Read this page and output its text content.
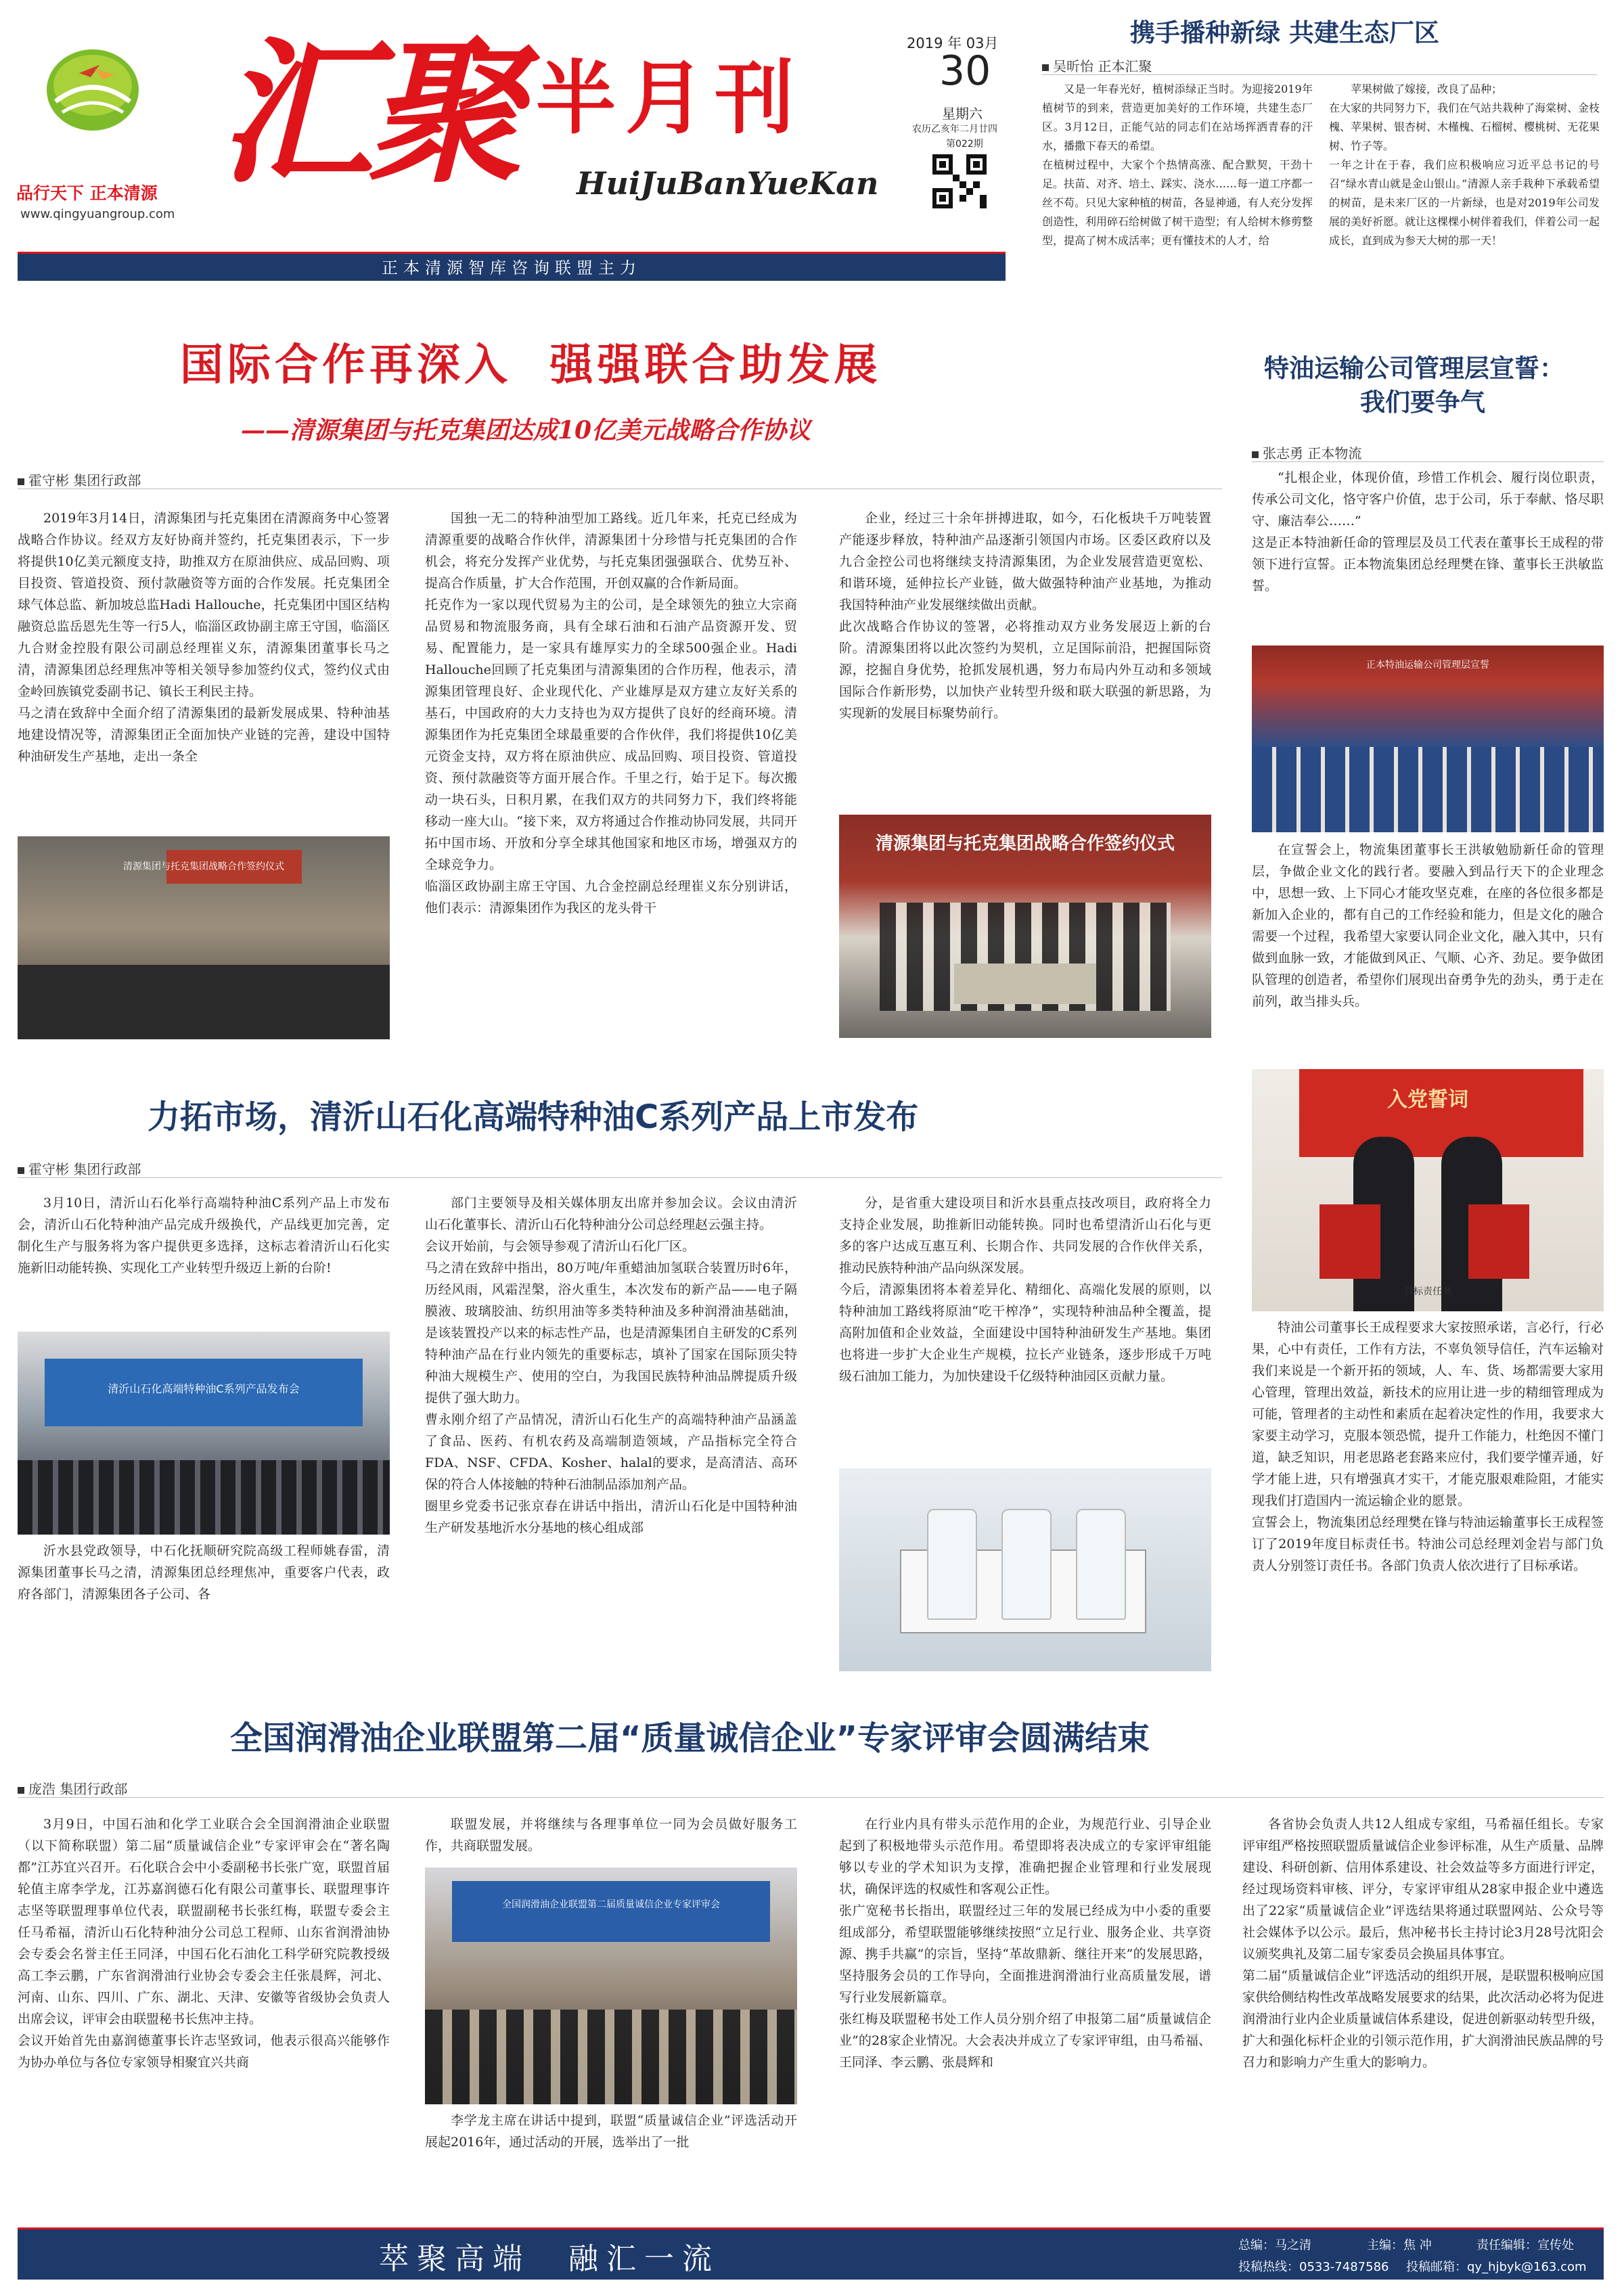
品行天下 正本清源
www.qingyuangroup.com
汇聚 半月刊
HuiJuBanYueKan
2019 年 03月
30
星期六
农历乙亥年二月廿四
第022期
正本清源智库咨询联盟主力
携手播种新绿 共建生态厂区
吴昕怡 正本汇聚
又是一年春光好，植树添绿正当时。为迎接2019年植树节的到来，营造更加美好的工作环境，共建生态厂区。3月12日，正能气站的同志们在站场挥洒青春的汗水，播撒下春天的希望。
在植树过程中，大家个个热情高涨、配合默契，干劲十足。扶苗、对齐、培土、踩实、浇水……每一道工序都一丝不苟。只见大家种植的树苗，各显神通，有人充分发挥创造性，利用碎石给树做了树干造型；有人给树木修剪整型，提高了树木成活率；更有懂技术的人才，给
苹果树做了嫁接，改良了品种；
在大家的共同努力下，我们在气站共栽种了海棠树、金枝槐、苹果树、银杏树、木槿槐、石榴树、樱桃树、无花果树、竹子等。
一年之计在于春，我们应积极响应习近平总书记的号召“绿水青山就是金山银山。”清源人亲手栽种下承载希望的树苗，是未来厂区的一片新绿，也是对2019年公司发展的美好祈愿。就让这棵棵小树伴着我们，伴着公司一起成长，直到成为参天大树的那一天！
国际合作再深入  强强联合助发展
——清源集团与托克集团达成10亿美元战略合作协议
霍守彬 集团行政部
2019年3月14日，清源集团与托克集团在清源商务中心签署战略合作协议。经双方友好协商并签约，托克集团表示，下一步将提供10亿美元额度支持，助推双方在原油供应、成品回购、项目投资、管道投资、预付款融资等方面的合作发展。托克集团全球气体总监、新加坡总监Hadi Hallouche，托克集团中国区结构融资总监岳恩先生等一行5人，临淄区政协副主席王守国，临淄区九合财金控股有限公司副总经理崔义东，清源集团董事长马之清，清源集团总经理焦冲等相关领导参加签约仪式，签约仪式由金岭回族镇党委副书记、镇长王利民主持。
马之清在致辞中全面介绍了清源集团的最新发展成果、特种油基地建设情况等，清源集团正全面加快产业链的完善，建设中国特种油研发生产基地，走出一条全
清源集团与托克集团战略合作签约仪式
国独一无二的特种油型加工路线。近几年来，托克已经成为清源重要的战略合作伙伴，清源集团十分珍惜与托克集团的合作机会，将充分发挥产业优势，与托克集团强强联合、优势互补、提高合作质量，扩大合作范围，开创双赢的合作新局面。
托克作为一家以现代贸易为主的公司，是全球领先的独立大宗商品贸易和物流服务商，具有全球石油和石油产品资源开发、贸易、配置能力，是一家具有雄厚实力的全球500强企业。Hadi Hallouche回顾了托克集团与清源集团的合作历程，他表示，清源集团管理良好、企业现代化、产业雄厚是双方建立友好关系的基石，中国政府的大力支持也为双方提供了良好的经商环境。清源集团作为托克集团全球最重要的合作伙伴，我们将提供10亿美元资金支持，双方将在原油供应、成品回购、项目投资、管道投资、预付款融资等方面开展合作。千里之行，始于足下。每次搬动一块石头，日积月累，在我们双方的共同努力下，我们终将能移动一座大山。“接下来，双方将通过合作推动协同发展，共同开拓中国市场、开放和分享全球其他国家和地区市场，增强双方的全球竞争力。
临淄区政协副主席王守国、九合金控副总经理崔义东分别讲话，他们表示：清源集团作为我区的龙头骨干
企业，经过三十余年拼搏进取，如今，石化板块千万吨装置产能逐步释放，特种油产品逐渐引领国内市场。区委区政府以及九合金控公司也将继续支持清源集团，为企业发展营造更宽松、和谐环境，延伸拉长产业链，做大做强特种油产业基地，为推动我国特种油产业发展继续做出贡献。
此次战略合作协议的签署，必将推动双方业务发展迈上新的台阶。清源集团将以此次签约为契机，立足国际前沿，把握国际资源，挖掘自身优势，抢抓发展机遇，努力布局内外互动和多领域国际合作新形势，以加快产业转型升级和联大联强的新思路，为实现新的发展目标聚势前行。
清源集团与托克集团战略合作签约仪式
特油运输公司管理层宣誓：
我们要争气
张志勇 正本物流
“扎根企业，体现价值，珍惜工作机会、履行岗位职责，传承公司文化，恪守客户价值，忠于公司，乐于奉献、恪尽职守、廉洁奉公……”
这是正本特油新任命的管理层及员工代表在董事长王成程的带领下进行宣誓。正本物流集团总经理樊在锋、董事长王洪敏监誓。
正本特油运输公司管理层宣誓
在宣誓会上，物流集团董事长王洪敏勉励新任命的管理层，争做企业文化的践行者。要融入到品行天下的企业理念中，思想一致、上下同心才能攻坚克难，在座的各位很多都是新加入企业的，都有自己的工作经验和能力，但是文化的融合需要一个过程，我希望大家要认同企业文化，融入其中，只有做到血脉一致，才能做到风正、气顺、心齐、劲足。要争做团队管理的创造者，希望你们展现出奋勇争先的劲头，勇于走在前列，敢当排头兵。
入党誓词
目标责任书
特油公司董事长王成程要求大家按照承诺，言必行，行必果，心中有责任，工作有方法，不辜负领导信任，汽车运输对我们来说是一个新开拓的领域，人、车、货、场都需要大家用心管理，管理出效益，新技术的应用让进一步的精细管理成为可能，管理者的主动性和素质在起着决定性的作用，我要求大家要主动学习，克服本领恐慌，提升工作能力，杜绝因不懂门道，缺乏知识，用老思路老套路来应付，我们要学懂弄通，好学才能上进，只有增强真才实干，才能克服艰难险阻，才能实现我们打造国内一流运输企业的愿景。
宣誓会上，物流集团总经理樊在锋与特油运输董事长王成程签订了2019年度目标责任书。特油公司总经理刘金岩与部门负责人分别签订责任书。各部门负责人依次进行了目标承诺。
力拓市场，清沂山石化高端特种油C系列产品上市发布
霍守彬 集团行政部
3月10日，清沂山石化举行高端特种油C系列产品上市发布会，清沂山石化特种油产品完成升级换代，产品线更加完善，定制化生产与服务将为客户提供更多选择，这标志着清沂山石化实施新旧动能转换、实现化工产业转型升级迈上新的台阶!
清沂山石化高端特种油C系列产品发布会
沂水县党政领导，中石化抚顺研究院高级工程师姚春雷，清源集团董事长马之清，清源集团总经理焦冲，重要客户代表，政府各部门，清源集团各子公司、各
部门主要领导及相关媒体朋友出席并参加会议。会议由清沂山石化董事长、清沂山石化特种油分公司总经理赵云强主持。
会议开始前，与会领导参观了清沂山石化厂区。
马之清在致辞中指出，80万吨/年重蜡油加氢联合装置历时6年，历经风雨，风霜涅槃，浴火重生，本次发布的新产品——电子隔膜液、玻璃胶油、纺织用油等多类特种油及多种润滑油基础油，是该装置投产以来的标志性产品，也是清源集团自主研发的C系列特种油产品在行业内领先的重要标志，填补了国家在国际顶尖特种油大规模生产、使用的空白，为我国民族特种油品牌提质升级提供了强大助力。
曹永刚介绍了产品情况，清沂山石化生产的高端特种油产品涵盖了食品、医药、有机农药及高端制造领域，产品指标完全符合FDA、NSF、CFDA、Kosher、halal的要求，是高清洁、高环保的符合人体接触的特种石油制品添加剂产品。
圈里乡党委书记张京春在讲话中指出，清沂山石化是中国特种油生产研发基地沂水分基地的核心组成部
分，是省重大建设项目和沂水县重点技改项目，政府将全力支持企业发展，助推新旧动能转换。同时也希望清沂山石化与更多的客户达成互惠互利、长期合作、共同发展的合作伙伴关系，推动民族特种油产品向纵深发展。
今后，清源集团将本着差异化、精细化、高端化发展的原则，以特种油加工路线将原油“吃干榨净”，实现特种油品种全覆盖，提高附加值和企业效益，全面建设中国特种油研发生产基地。集团也将进一步扩大企业生产规模，拉长产业链条，逐步形成千万吨级石油加工能力，为加快建设千亿级特种油园区贡献力量。
全国润滑油企业联盟第二届“质量诚信企业”专家评审会圆满结束
庞浩 集团行政部
3月9日，中国石油和化学工业联合会全国润滑油企业联盟（以下简称联盟）第二届“质量诚信企业”专家评审会在“著名陶都”江苏宜兴召开。石化联合会中小委副秘书长张广宽，联盟首届轮值主席李学龙，江苏嘉润德石化有限公司董事长、联盟理事许志坚等联盟理事单位代表，联盟副秘书长张红梅，联盟专委会主任马希福，清沂山石化特种油分公司总工程师、山东省润滑油协会专委会名誉主任王同泽，中国石化石油化工科学研究院教授级高工李云鹏，广东省润滑油行业协会专委会主任张晨辉，河北、河南、山东、四川、广东、湖北、天津、安徽等省级协会负责人出席会议，评审会由联盟秘书长焦冲主持。
会议开始首先由嘉润德董事长许志坚致词，他表示很高兴能够作为协办单位与各位专家领导相聚宜兴共商
联盟发展，并将继续与各理事单位一同为会员做好服务工作，共商联盟发展。
全国润滑油企业联盟第二届质量诚信企业专家评审会
李学龙主席在讲话中提到，联盟“质量诚信企业”评选活动开展起2016年，通过活动的开展，选举出了一批
在行业内具有带头示范作用的企业，为规范行业、引导企业起到了积极地带头示范作用。希望即将表决成立的专家评审组能够以专业的学术知识为支撑，准确把握企业管理和行业发展现状，确保评选的权威性和客观公正性。
张广宽秘书长指出，联盟经过三年的发展已经成为中小委的重要组成部分，希望联盟能够继续按照“立足行业、服务企业、共享资源、携手共赢”的宗旨，坚持“革故鼎新、继往开来”的发展思路，坚持服务会员的工作导向，全面推进润滑油行业高质量发展，谱写行业发展新篇章。
张红梅及联盟秘书处工作人员分别介绍了申报第二届“质量诚信企业”的28家企业情况。大会表决并成立了专家评审组，由马希福、王同泽、李云鹏、张晨辉和
各省协会负责人共12人组成专家组，马希福任组长。专家评审组严格按照联盟质量诚信企业参评标准，从生产质量、品牌建设、科研创新、信用体系建设、社会效益等多方面进行评定，经过现场资料审核、评分，专家评审组从28家申报企业中遴选出了22家“质量诚信企业”评选结果将通过联盟网站、公众号等社会媒体予以公示。最后，焦冲秘书长主持讨论3月28号沈阳会议颁奖典礼及第二届专家委员会换届具体事宜。
第二届“质量诚信企业”评选活动的组织开展，是联盟积极响应国家供给侧结构性改革战略发展要求的结果，此次活动必将为促进润滑油行业内企业质量诚信体系建设，促进创新驱动转型升级，扩大和强化标杆企业的引领示范作用，扩大润滑油民族品牌的号召力和影响力产生重大的影响力。
萃聚高端　融汇一流	总编：马之清	主编：焦 冲	责任编辑：宣传处
投稿热线：0533-7487586 投稿邮箱：qy_hjbyk@163.com
